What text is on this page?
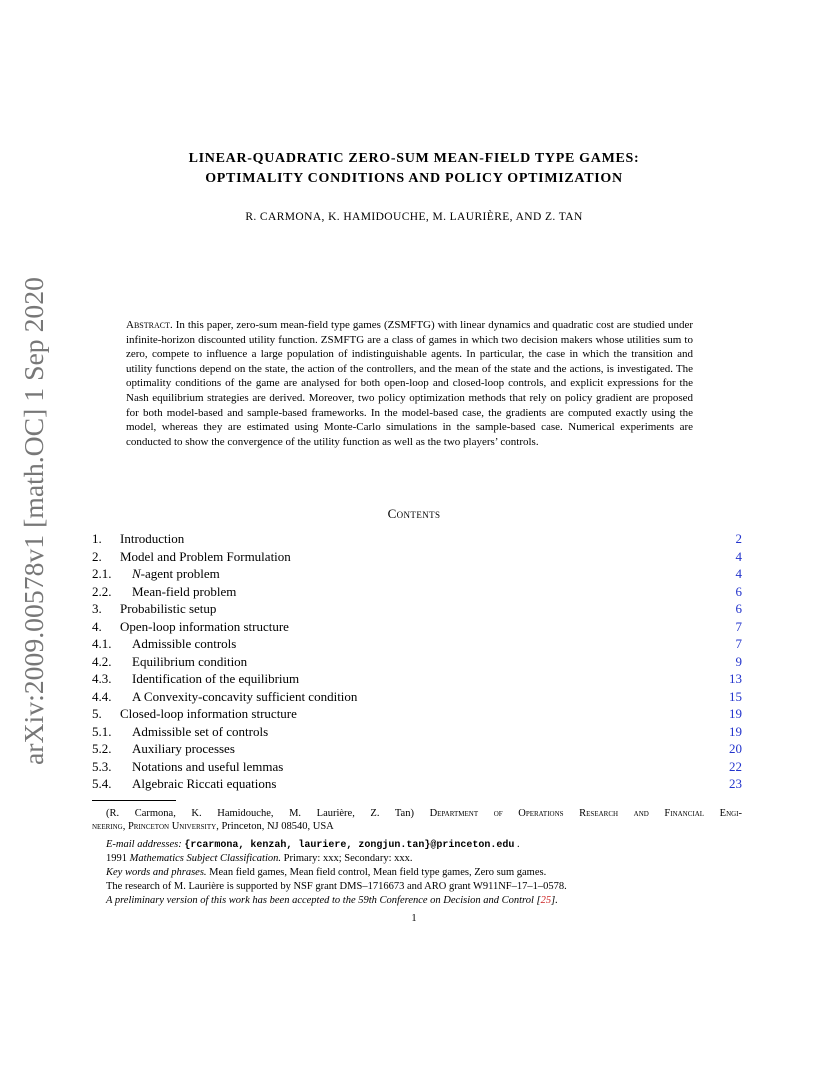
arXiv:2009.00578v1 [math.OC] 1 Sep 2020
LINEAR-QUADRATIC ZERO-SUM MEAN-FIELD TYPE GAMES:
OPTIMALITY CONDITIONS AND POLICY OPTIMIZATION
R. CARMONA, K. HAMIDOUCHE, M. LAURIÈRE, AND Z. TAN
Abstract. In this paper, zero-sum mean-field type games (ZSMFTG) with linear dynamics and quadratic cost are studied under infinite-horizon discounted utility function. ZSMFTG are a class of games in which two decision makers whose utilities sum to zero, compete to influence a large population of indistinguishable agents. In particular, the case in which the transition and utility functions depend on the state, the action of the controllers, and the mean of the state and the actions, is investigated. The optimality conditions of the game are analysed for both open-loop and closed-loop controls, and explicit expressions for the Nash equilibrium strategies are derived. Moreover, two policy optimization methods that rely on policy gradient are proposed for both model-based and sample-based frameworks. In the model-based case, the gradients are computed exactly using the model, whereas they are estimated using Monte-Carlo simulations in the sample-based case. Numerical experiments are conducted to show the convergence of the utility function as well as the two players’ controls.
Contents
1. Introduction	2
2. Model and Problem Formulation	4
2.1. N-agent problem	4
2.2. Mean-field problem	6
3. Probabilistic setup	6
4. Open-loop information structure	7
4.1. Admissible controls	7
4.2. Equilibrium condition	9
4.3. Identification of the equilibrium	13
4.4. A Convexity-concavity sufficient condition	15
5. Closed-loop information structure	19
5.1. Admissible set of controls	19
5.2. Auxiliary processes	20
5.3. Notations and useful lemmas	22
5.4. Algebraic Riccati equations	23
(R. Carmona, K. Hamidouche, M. Laurière, Z. Tan) Department of Operations Research and Financial Engi-
neering, Princeton University, Princeton, NJ 08540, USA
E-mail addresses: {rcarmona, kenzah, lauriere, zongjun.tan}@princeton.edu .
1991 Mathematics Subject Classification. Primary: xxx; Secondary: xxx.
Key words and phrases. Mean field games, Mean field control, Mean field type games, Zero sum games.
The research of M. Laurière is supported by NSF grant DMS–1716673 and ARO grant W911NF–17–1–0578.
A preliminary version of this work has been accepted to the 59th Conference on Decision and Control [25].
1
